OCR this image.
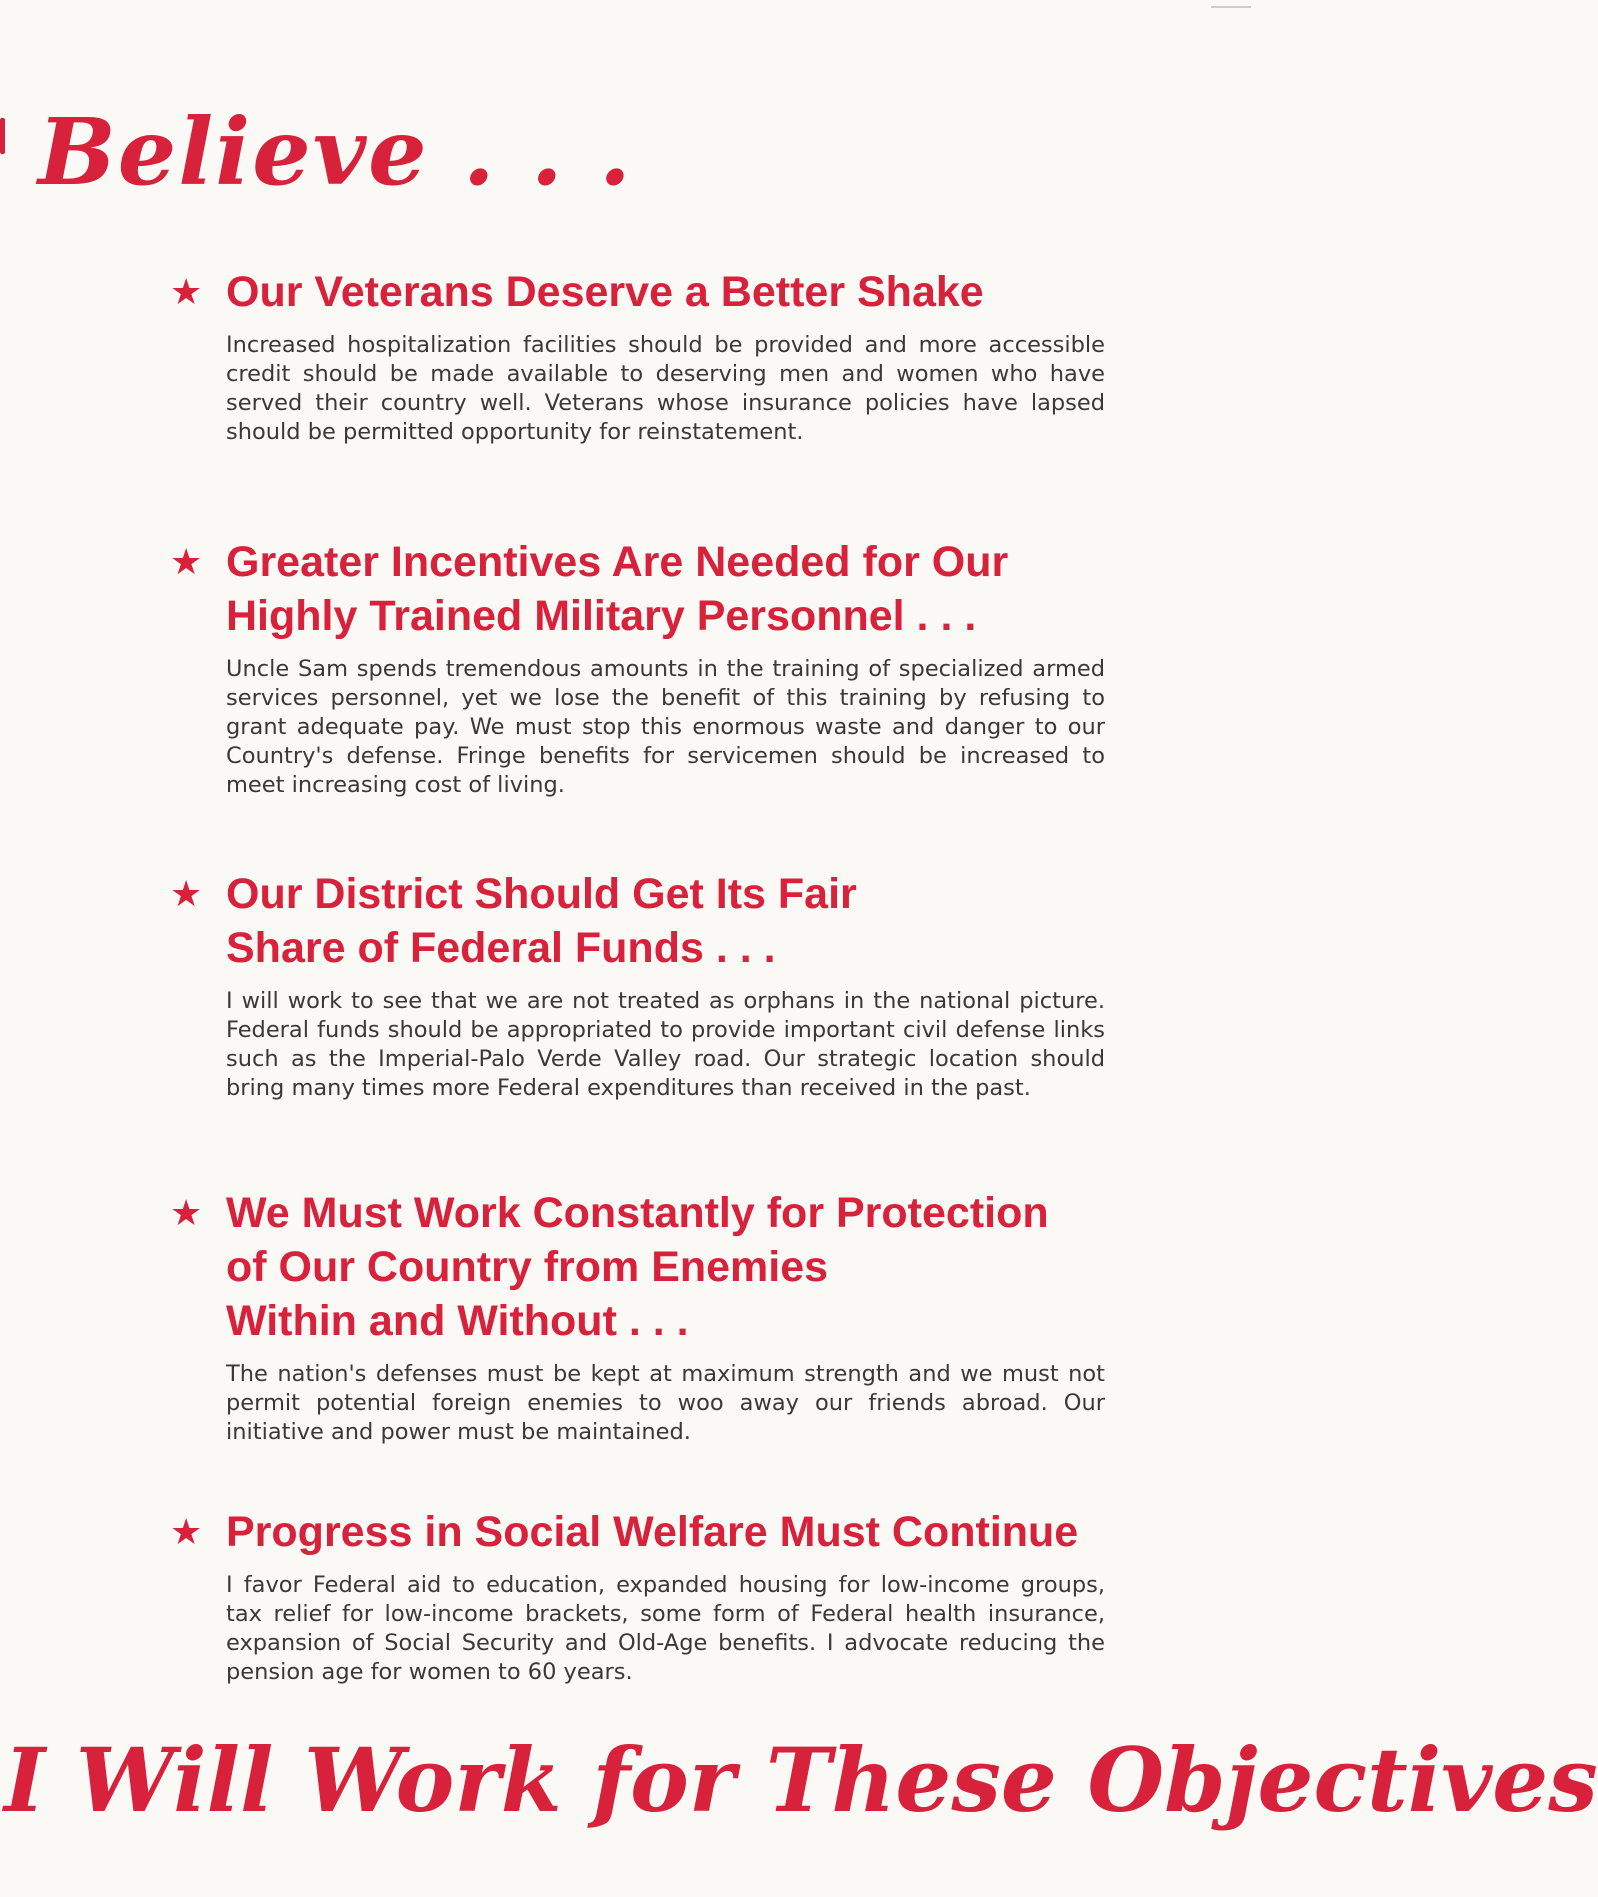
Believe . . .
★ Our Veterans Deserve a Better Shake

Increased hospitalization facilities should be provided and more accessible credit should be made available to deserving men and women who have served their country well. Veterans whose insurance policies have lapsed should be permitted opportunity for reinstatement.

★ Greater Incentives Are Needed for Our
Highly Trained Military Personnel . . .

Uncle Sam spends tremendous amounts in the training of specialized armed services personnel, yet we lose the benefit of this training by refusing to grant adequate pay. We must stop this enormous waste and danger to our Country's defense. Fringe benefits for servicemen should be increased to meet increasing cost of living.

★ Our District Should Get Its Fair
Share of Federal Funds . . .

I will work to see that we are not treated as orphans in the national picture. Federal funds should be appropriated to provide important civil defense links such as the Imperial-Palo Verde Valley road. Our strategic location should bring many times more Federal expenditures than received in the past.

★ We Must Work Constantly for Protection
of Our Country from Enemies
Within and Without . . .

The nation's defenses must be kept at maximum strength and we must not permit potential foreign enemies to woo away our friends abroad. Our initiative and power must be maintained.

★ Progress in Social Welfare Must Continue

I favor Federal aid to education, expanded housing for low-income groups, tax relief for low-income brackets, some form of Federal health insurance, expansion of Social Security and Old-Age benefits. I advocate reducing the pension age for women to 60 years.

I Will Work for These Objectives
